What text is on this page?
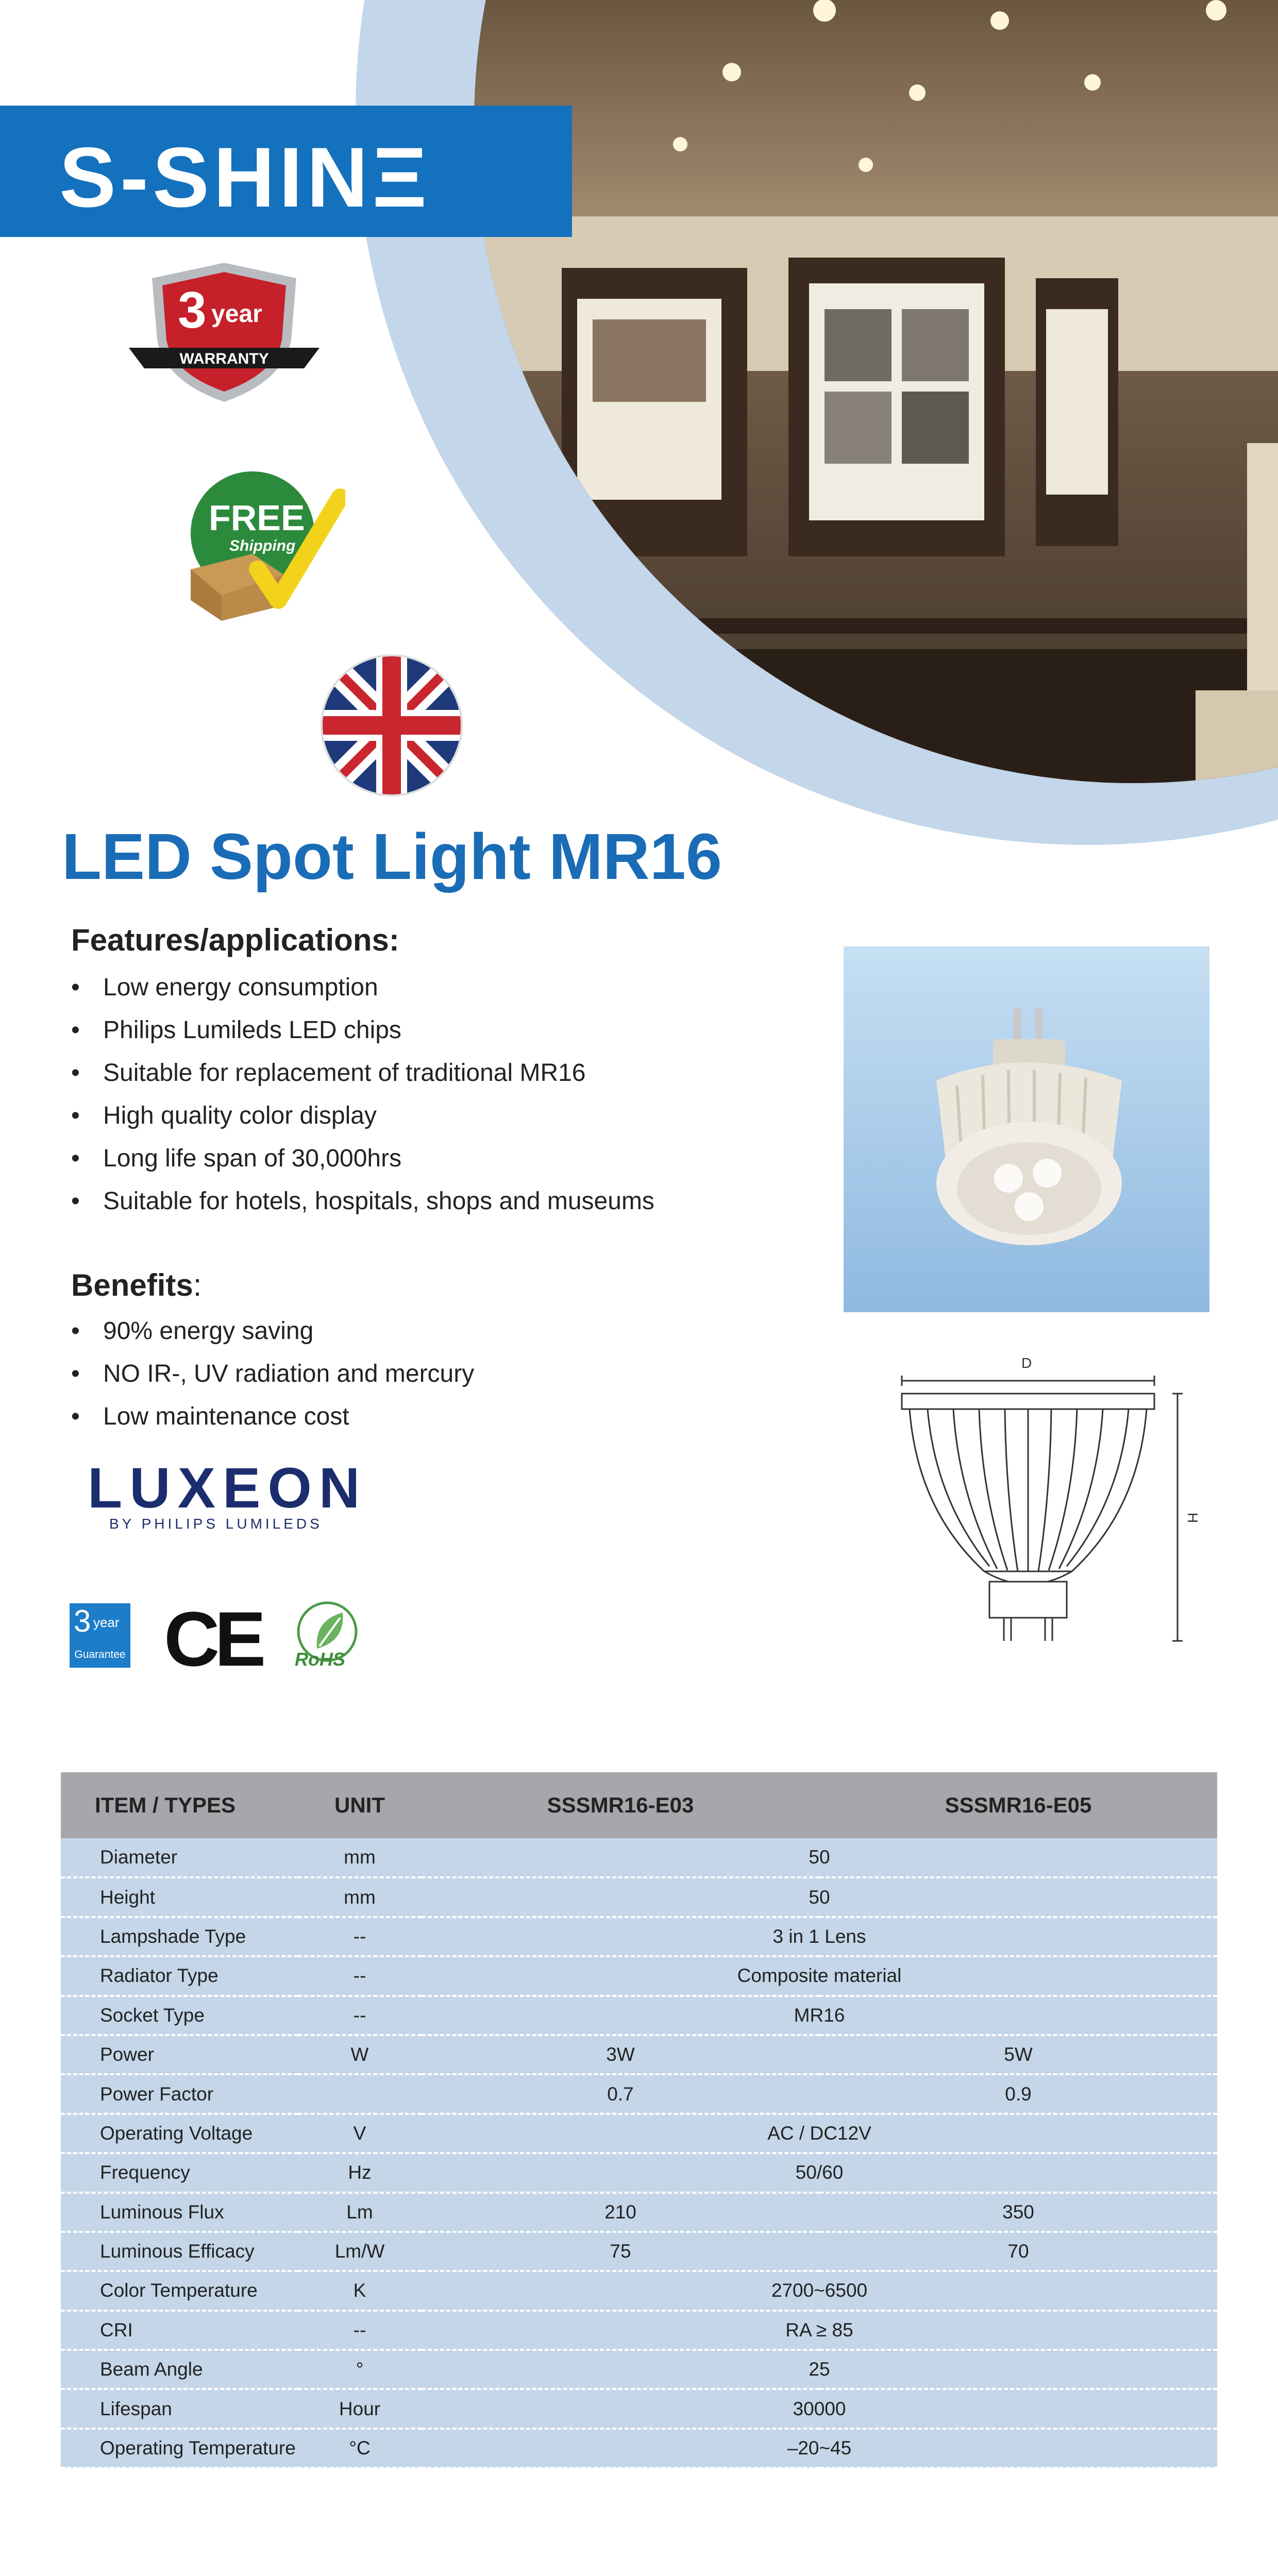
S-SHINΞ
3 year
WARRANTY
FREE
Shipping
LED Spot Light MR16
Features/applications:
• Low energy consumption
• Philips Lumileds LED chips
• Suitable for replacement of traditional MR16
• High quality color display
• Long life span of 30,000hrs
• Suitable for hotels, hospitals, shops and museums
Benefits:
• 90% energy saving
• NO IR-, UV radiation and mercury
• Low maintenance cost
LUXEON
BY PHILIPS LUMILEDS
3 year
Guarantee CE RoHS
D
H
ITEM / TYPES	UNIT	SSSMR16-E03	SSSMR16-E05
Diameter	mm	50	
Height	mm	50	
Lampshade Type	--	3 in 1 Lens	
Radiator Type	--	Composite material	
Socket Type	--	MR16	
Power	W	3W	5W
Power Factor		0.7	0.9
Operating Voltage	V	AC / DC12V	
Frequency	Hz	50/60	
Luminous Flux	Lm	210	350
Luminous Efficacy	Lm/W	75	70
Color Temperature	K	2700~6500	
CRI	--	RA ≥ 85	
Beam Angle	°	25	
Lifespan	Hour	30000	
Operating Temperature	°C	–20~45	
